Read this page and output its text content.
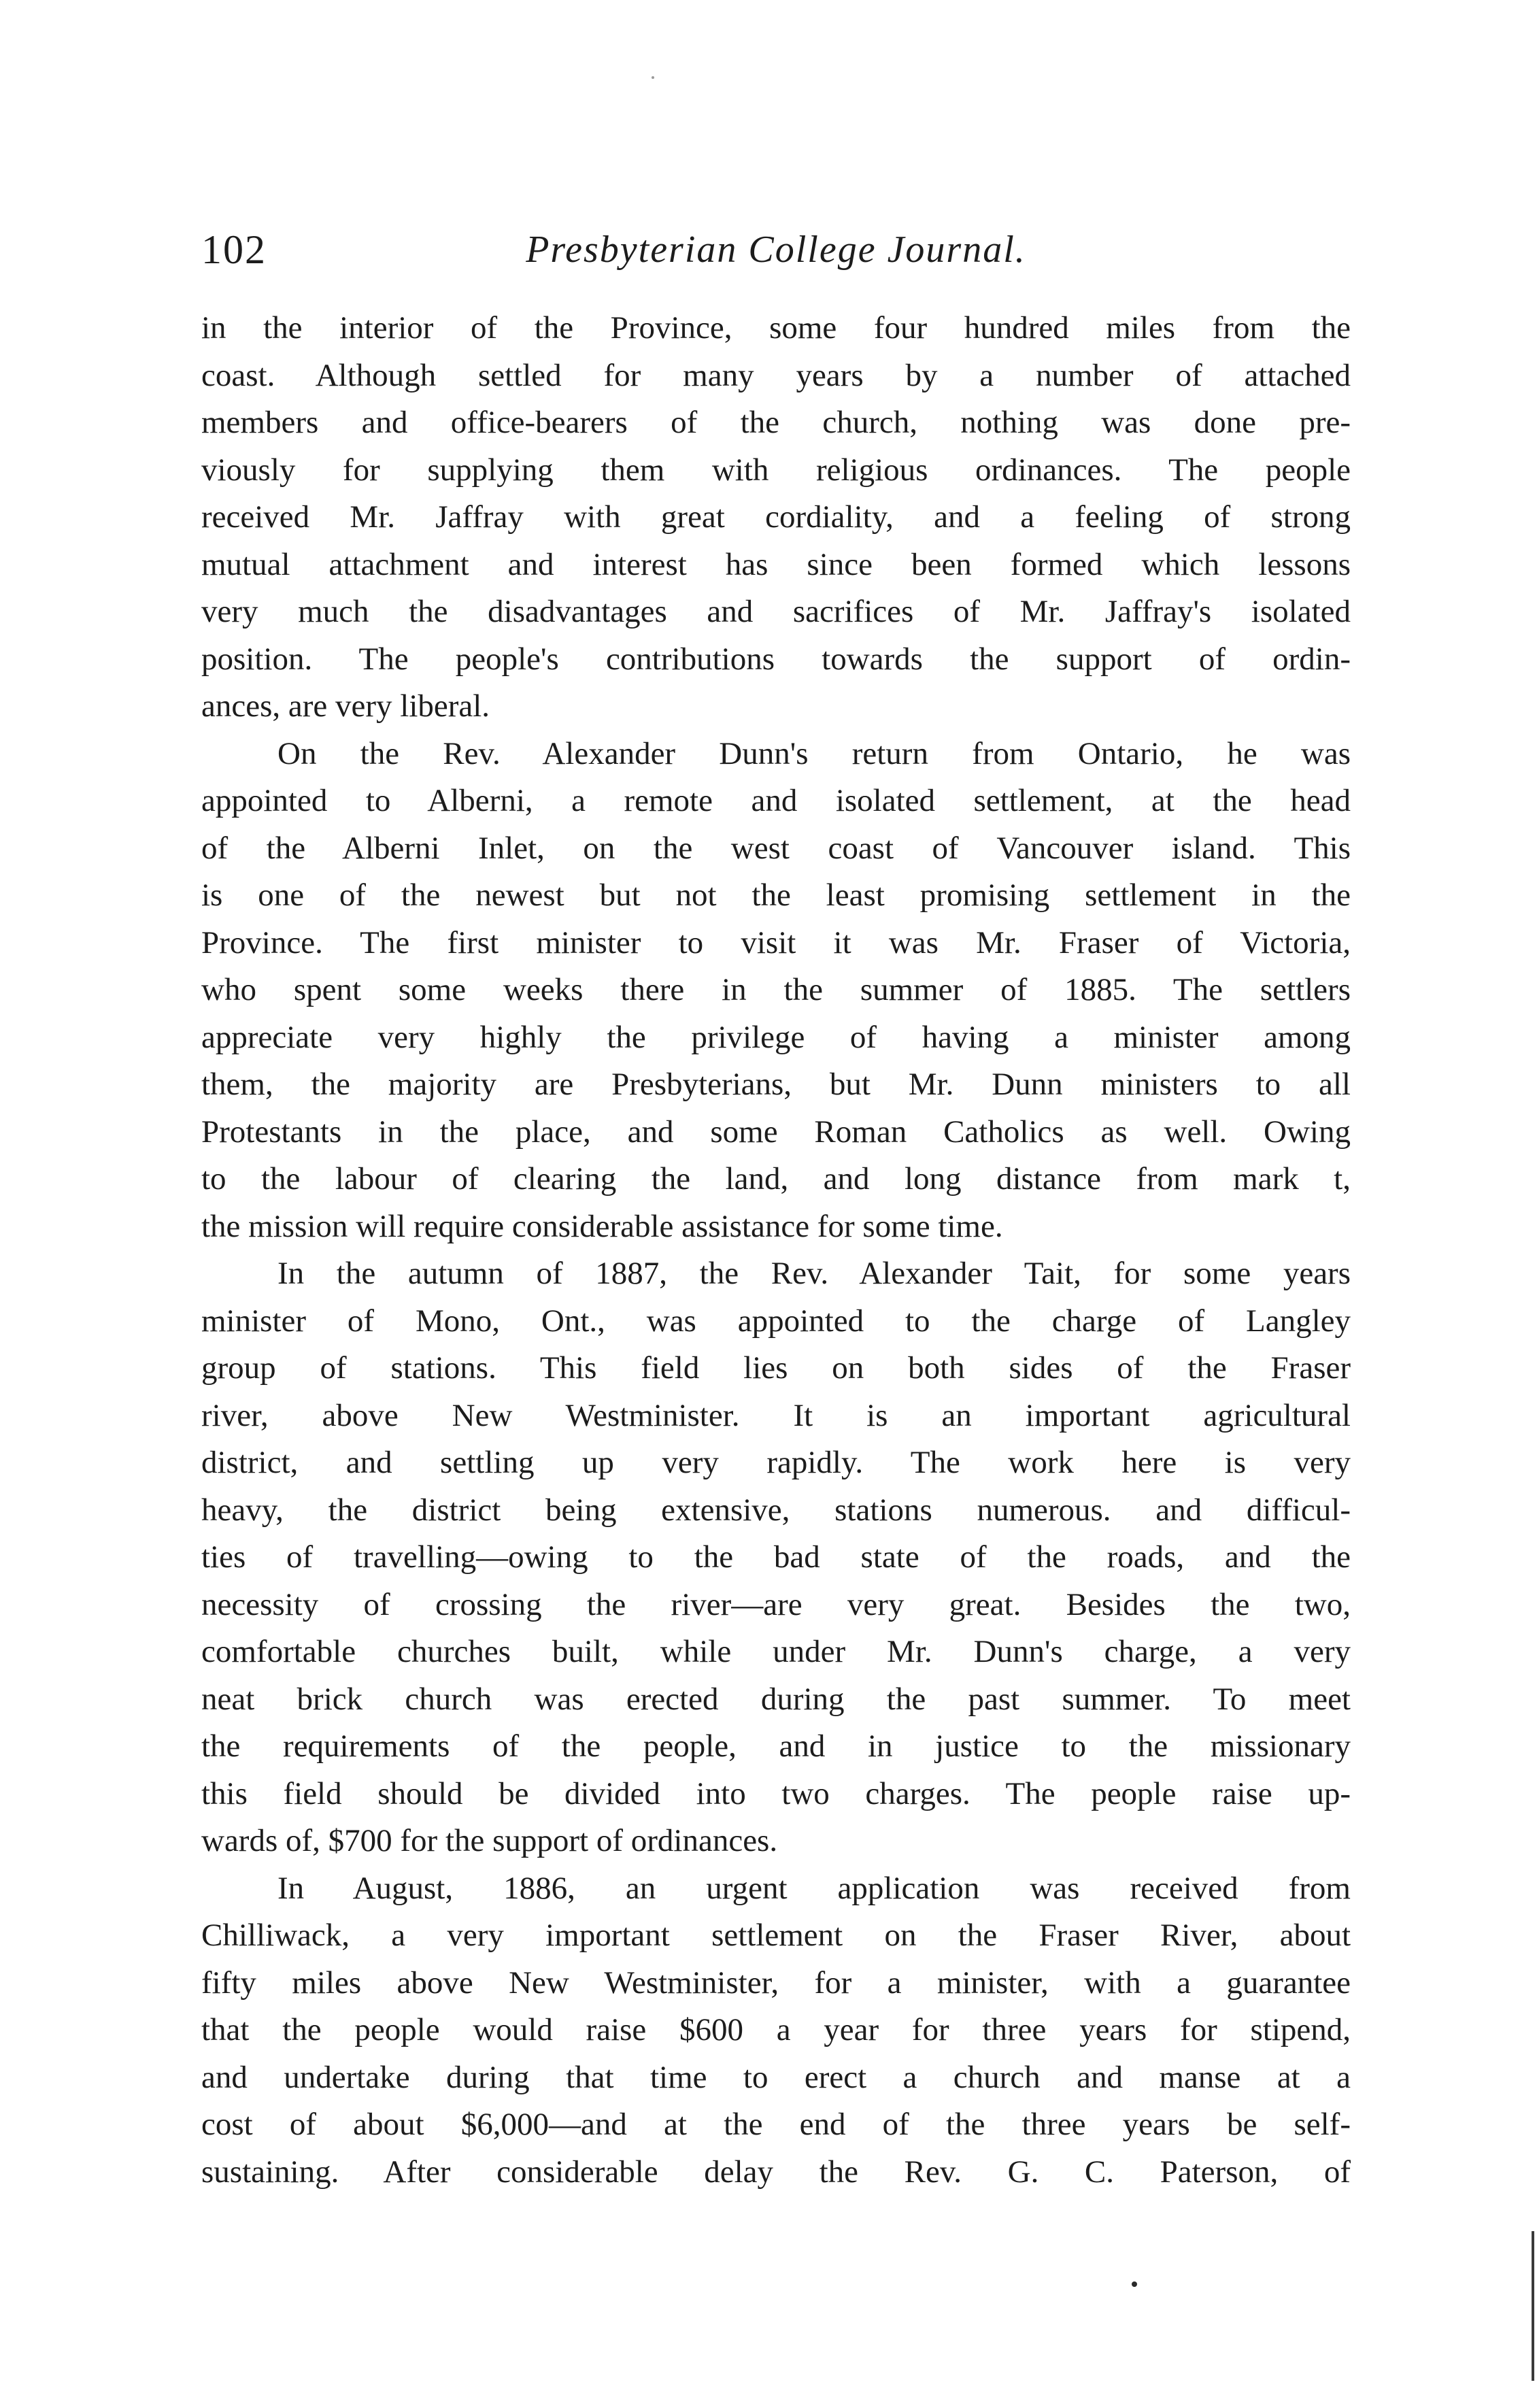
102	Presbyterian College Journal.
in the interior of the Province, some four hundred miles from the
coast. Although settled for many years by a number of attached
members and office-bearers of the church, nothing was done pre-
viously for supplying them with religious ordinances. The people
received Mr. Jaffray with great cordiality, and a feeling of strong
mutual attachment and interest has since been formed which lessons
very much the disadvantages and sacrifices of Mr. Jaffray's isolated
position. The people's contributions towards the support of ordin-
ances, are very liberal.
On the Rev. Alexander Dunn's return from Ontario, he was
appointed to Alberni, a remote and isolated settlement, at the head
of the Alberni Inlet, on the west coast of Vancouver island. This
is one of the newest but not the least promising settlement in the
Province. The first minister to visit it was Mr. Fraser of Victoria,
who spent some weeks there in the summer of 1885. The settlers
appreciate very highly the privilege of having a minister among
them, the majority are Presbyterians, but Mr. Dunn ministers to all
Protestants in the place, and some Roman Catholics as well. Owing
to the labour of clearing the land, and long distance from mark t,
the mission will require considerable assistance for some time.
In the autumn of 1887, the Rev. Alexander Tait, for some years
minister of Mono, Ont., was appointed to the charge of Langley
group of stations. This field lies on both sides of the Fraser
river, above New Westminister. It is an important agricultural
district, and settling up very rapidly. The work here is very
heavy, the district being extensive, stations numerous. and difficul-
ties of travelling—owing to the bad state of the roads, and the
necessity of crossing the river—are very great. Besides the two,
comfortable churches built, while under Mr. Dunn's charge, a very
neat brick church was erected during the past summer. To meet
the requirements of the people, and in justice to the missionary
this field should be divided into two charges. The people raise up-
wards of, $700 for the support of ordinances.
In August, 1886, an urgent application was received from
Chilliwack, a very important settlement on the Fraser River, about
fifty miles above New Westminister, for a minister, with a guarantee
that the people would raise $600 a year for three years for stipend,
and undertake during that time to erect a church and manse at a
cost of about $6,000—and at the end of the three years be self-
sustaining. After considerable delay the Rev. G. C. Paterson, of
